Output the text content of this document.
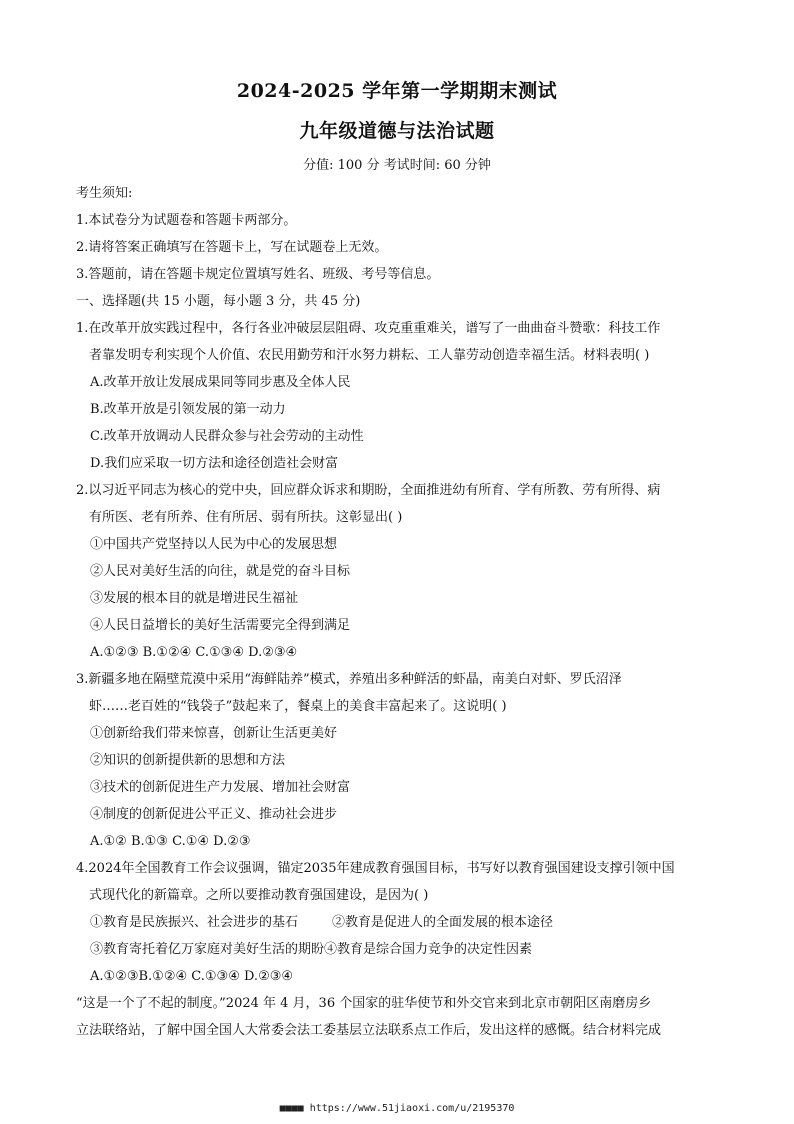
2024-2025 学年第一学期期末测试
九年级道德与法治试题
分值: 100 分 考试时间: 60 分钟
考生须知:
1.本试卷分为试题卷和答题卡两部分。
2.请将答案正确填写在答题卡上，写在试题卷上无效。
3.答题前，请在答题卡规定位置填写姓名、班级、考号等信息。
一、选择题(共 15 小题，每小题 3 分，共 45 分)
1.在改革开放实践过程中，各行各业冲破层层阻碍、攻克重重难关，谱写了一曲曲奋斗赞歌：科技工作
者靠发明专利实现个人价值、农民用勤劳和汗水努力耕耘、工人靠劳动创造幸福生活。材料表明( )
A.改革开放让发展成果同等同步惠及全体人民
B.改革开放是引领发展的第一动力
C.改革开放调动人民群众参与社会劳动的主动性
D.我们应采取一切方法和途径创造社会财富
2.以习近平同志为核心的党中央，回应群众诉求和期盼，全面推进幼有所育、学有所教、劳有所得、病
有所医、老有所养、住有所居、弱有所扶。这彰显出( )
①中国共产党坚持以人民为中心的发展思想
②人民对美好生活的向往，就是党的奋斗目标
③发展的根本目的就是增进民生福祉
④人民日益增长的美好生活需要完全得到满足
A.①②③ B.①②④ C.①③④ D.②③④
3.新疆多地在隔壁荒漠中采用“海鲜陆养”模式，养殖出多种鲜活的虾晶，南美白对虾、罗氏沼泽
虾……老百姓的“钱袋子”鼓起来了，餐桌上的美食丰富起来了。这说明( )
①创新给我们带来惊喜，创新让生活更美好
②知识的创新提供新的思想和方法
③技术的创新促进生产力发展、增加社会财富
④制度的创新促进公平正义、推动社会进步
A.①② B.①③ C.①④ D.②③
4.2024年全国教育工作会议强调，锚定2035年建成教育强国目标，书写好以教育强国建设支撑引领中国
式现代化的新篇章。之所以要推动教育强国建设，是因为( )
①教育是民族振兴、社会进步的基石	②教育是促进人的全面发展的根本途径
③教育寄托着亿万家庭对美好生活的期盼④教育是综合国力竞争的决定性因素
A.①②③B.①②④ C.①③④ D.②③④
“这是一个了不起的制度。”2024 年 4 月，36 个国家的驻华使节和外交官来到北京市朝阳区南磨房乡
立法联络站，了解中国全国人大常委会法工委基层立法联系点工作后，发出这样的感慨。结合材料完成
■■■■ https://www.51jiaoxi.com/u/2195370
